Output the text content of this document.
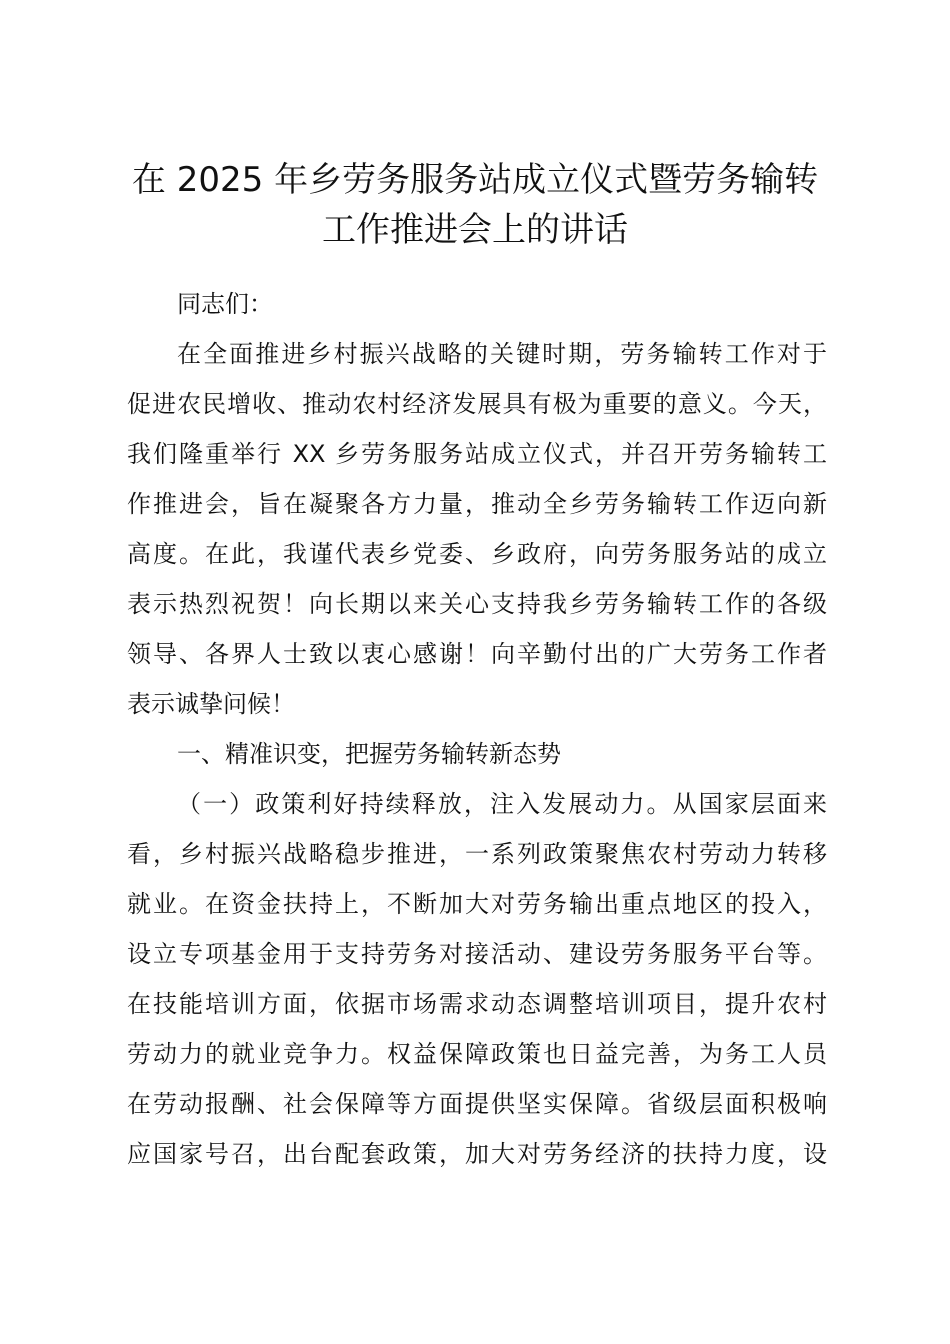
在 2025 年乡劳务服务站成立仪式暨劳务输转
工作推进会上的讲话
同志们：
在全面推进乡村振兴战略的关键时期，劳务输转工作对于
促进农民增收、推动农村经济发展具有极为重要的意义。今天，
我们隆重举行 XX 乡劳务服务站成立仪式，并召开劳务输转工
作推进会，旨在凝聚各方力量，推动全乡劳务输转工作迈向新
高度。在此，我谨代表乡党委、乡政府，向劳务服务站的成立
表示热烈祝贺！向长期以来关心支持我乡劳务输转工作的各级
领导、各界人士致以衷心感谢！向辛勤付出的广大劳务工作者
表示诚挚问候！
一、精准识变，把握劳务输转新态势
（一）政策利好持续释放，注入发展动力。从国家层面来
看，乡村振兴战略稳步推进，一系列政策聚焦农村劳动力转移
就业。在资金扶持上，不断加大对劳务输出重点地区的投入，
设立专项基金用于支持劳务对接活动、建设劳务服务平台等。
在技能培训方面，依据市场需求动态调整培训项目，提升农村
劳动力的就业竞争力。权益保障政策也日益完善，为务工人员
在劳动报酬、社会保障等方面提供坚实保障。省级层面积极响
应国家号召，出台配套政策，加大对劳务经济的扶持力度，设
